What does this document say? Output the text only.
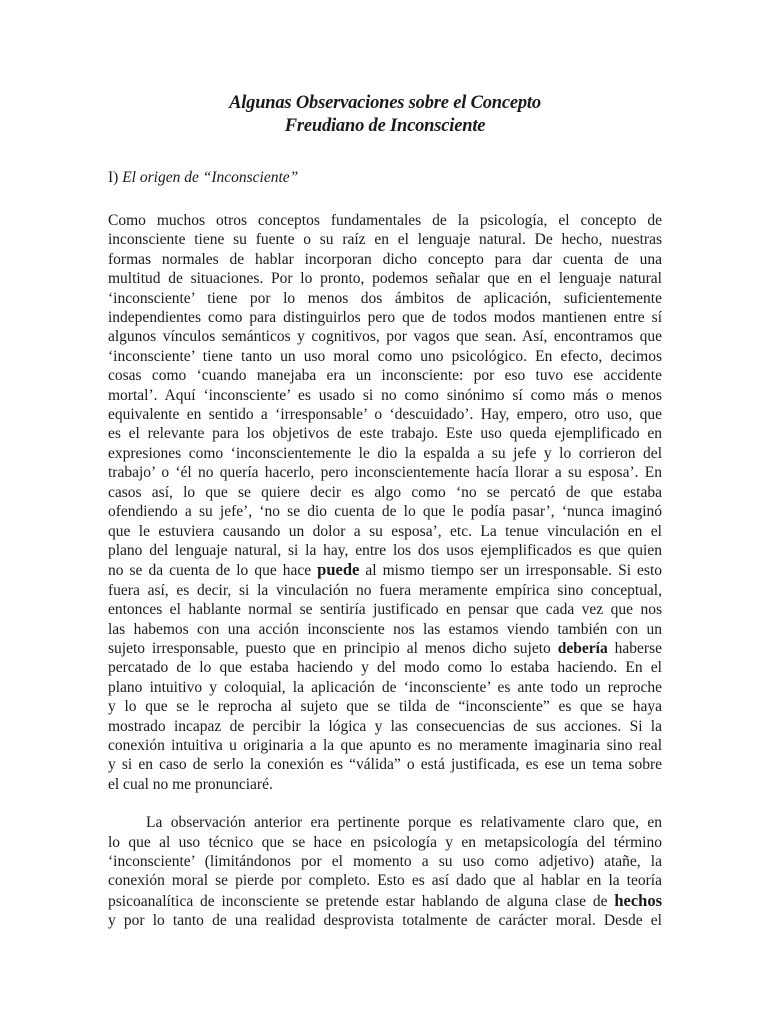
Algunas Observaciones sobre el Concepto
Freudiano de Inconsciente

I) El origen de “Inconsciente”

Como muchos otros conceptos fundamentales de la psicología, el concepto de
inconsciente tiene su fuente o su raíz en el lenguaje natural. De hecho, nuestras
formas normales de hablar incorporan dicho concepto para dar cuenta de una
multitud de situaciones. Por lo pronto, podemos señalar que en el lenguaje natural
‘inconsciente’ tiene por lo menos dos ámbitos de aplicación, suficientemente
independientes como para distinguirlos pero que de todos modos mantienen entre sí
algunos vínculos semánticos y cognitivos, por vagos que sean. Así, encontramos que
‘inconsciente’ tiene tanto un uso moral como uno psicológico. En efecto, decimos
cosas como ‘cuando manejaba era un inconsciente: por eso tuvo ese accidente
mortal’. Aquí ‘inconsciente’ es usado si no como sinónimo sí como más o menos
equivalente en sentido a ‘irresponsable’ o ‘descuidado’. Hay, empero, otro uso, que
es el relevante para los objetivos de este trabajo. Este uso queda ejemplificado en
expresiones como ‘inconscientemente le dio la espalda a su jefe y lo corrieron del
trabajo’ o ‘él no quería hacerlo, pero inconscientemente hacía llorar a su esposa’. En
casos así, lo que se quiere decir es algo como ‘no se percató de que estaba
ofendiendo a su jefe’, ‘no se dio cuenta de lo que le podía pasar’, ‘nunca imaginó
que le estuviera causando un dolor a su esposa’, etc. La tenue vinculación en el
plano del lenguaje natural, si la hay, entre los dos usos ejemplificados es que quien
no se da cuenta de lo que hace puede al mismo tiempo ser un irresponsable. Si esto
fuera así, es decir, si la vinculación no fuera meramente empírica sino conceptual,
entonces el hablante normal se sentiría justificado en pensar que cada vez que nos
las habemos con una acción inconsciente nos las estamos viendo también con un
sujeto irresponsable, puesto que en principio al menos dicho sujeto debería haberse
percatado de lo que estaba haciendo y del modo como lo estaba haciendo. En el
plano intuitivo y coloquial, la aplicación de ‘inconsciente’ es ante todo un reproche
y lo que se le reprocha al sujeto que se tilda de “inconsciente” es que se haya
mostrado incapaz de percibir la lógica y las consecuencias de sus acciones. Si la
conexión intuitiva u originaria a la que apunto es no meramente imaginaria sino real
y si en caso de serlo la conexión es “válida” o está justificada, es ese un tema sobre
el cual no me pronunciaré.
La observación anterior era pertinente porque es relativamente claro que, en
lo que al uso técnico que se hace en psicología y en metapsicología del término
‘inconsciente’ (limitándonos por el momento a su uso como adjetivo) atañe, la
conexión moral se pierde por completo. Esto es así dado que al hablar en la teoría
psicoanalítica de inconsciente se pretende estar hablando de alguna clase de hechos
y por lo tanto de una realidad desprovista totalmente de carácter moral. Desde el
